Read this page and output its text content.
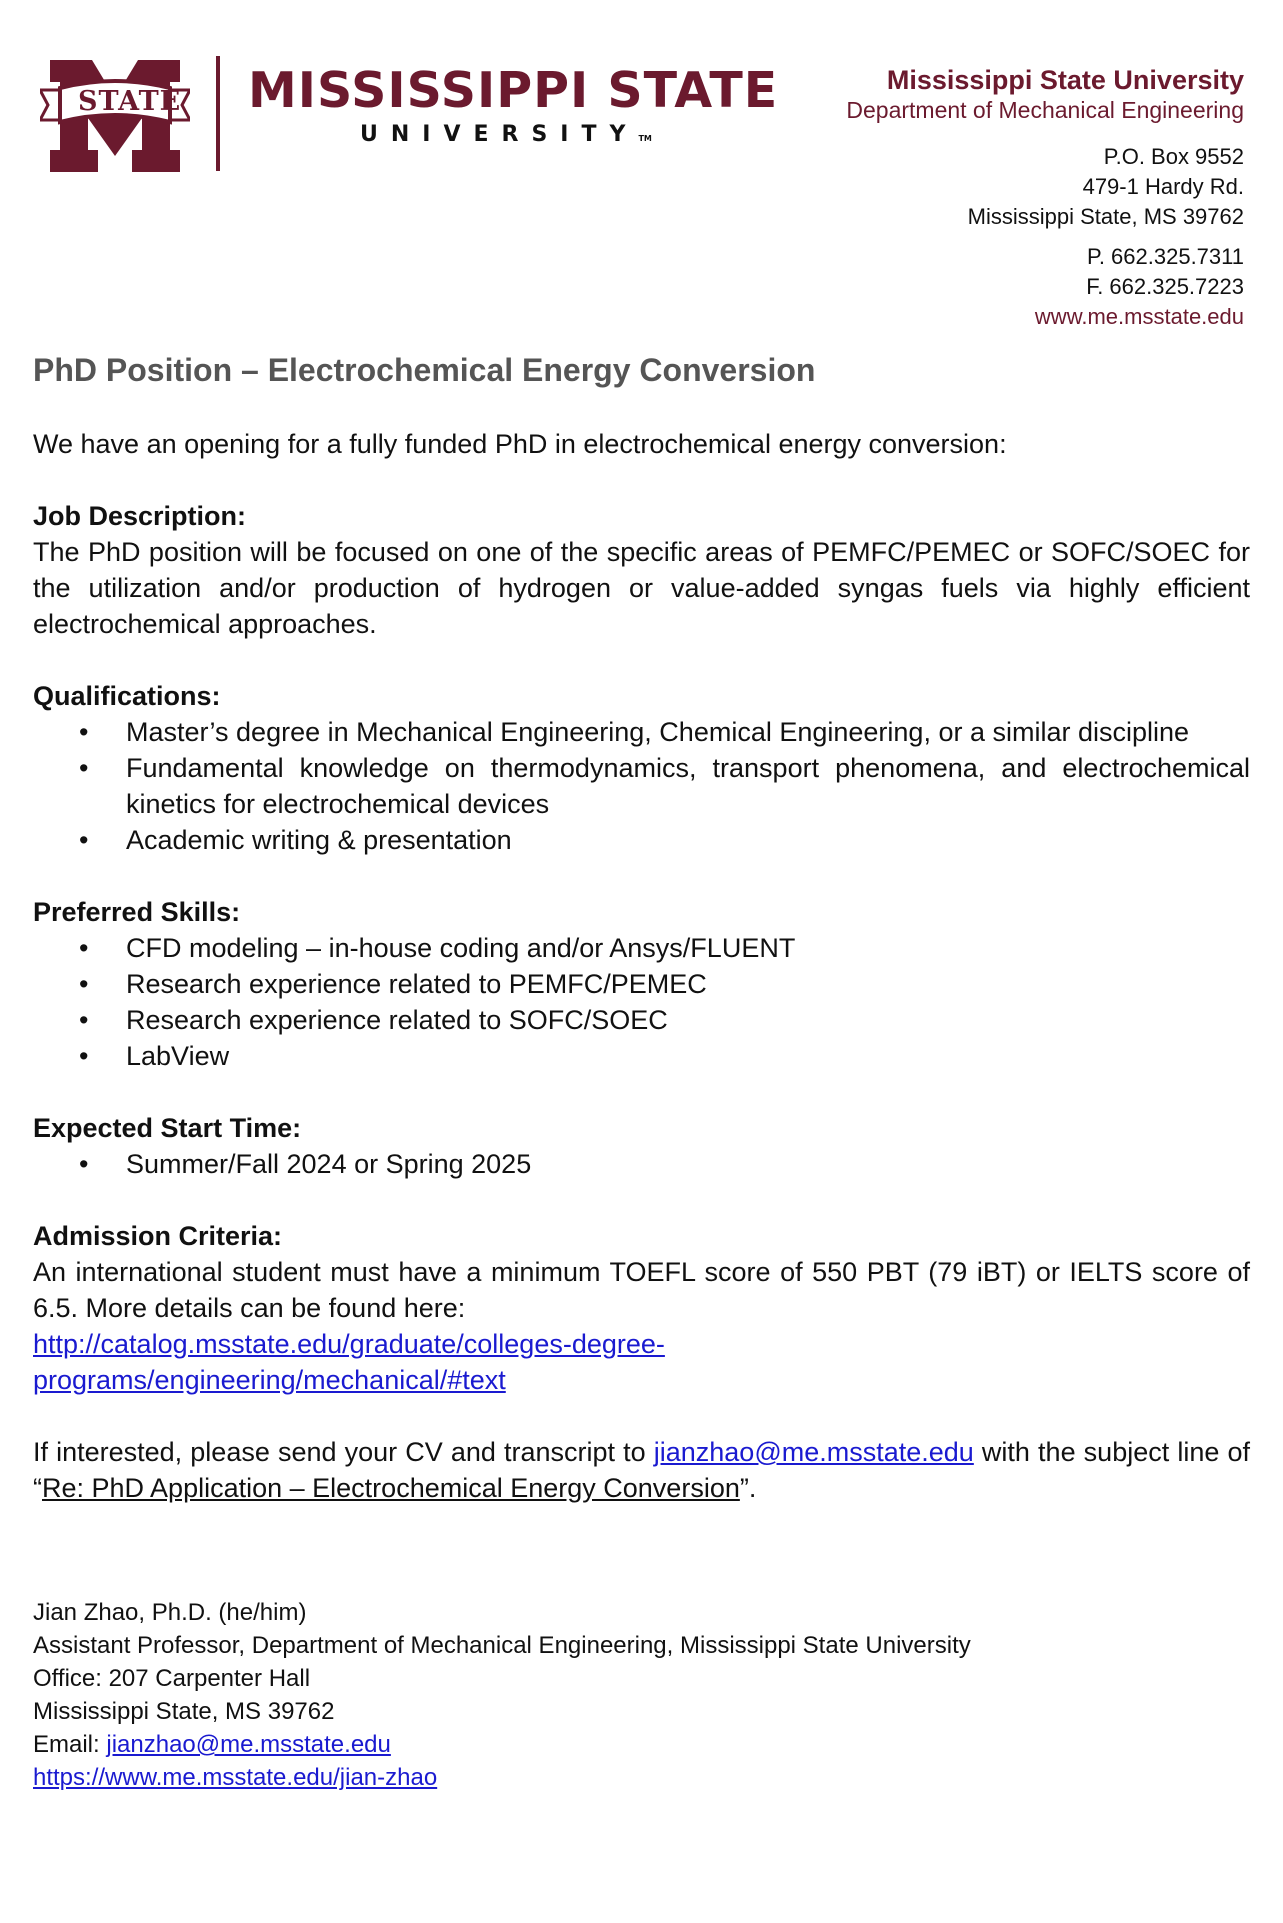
STATE MISSISSIPPI STATE
UNIVERSITYTM
Mississippi State University
Department of Mechanical Engineering
P.O. Box 9552
479-1 Hardy Rd.
Mississippi State, MS 39762
P. 662.325.7311
F. 662.325.7223
www.me.msstate.edu
PhD Position – Electrochemical Energy Conversion

We have an opening for a fully funded PhD in electrochemical energy conversion:

Job Description:

The PhD position will be focused on one of the specific areas of PEMFC/PEMEC or SOFC/SOEC for the utilization and/or production of hydrogen or value-added syngas fuels via highly efficient electrochemical approaches.

Qualifications:

• Master’s degree in Mechanical Engineering, Chemical Engineering, or a similar discipline
• Fundamental knowledge on thermodynamics, transport phenomena, and electrochemical kinetics for electrochemical devices
• Academic writing & presentation

Preferred Skills:

• CFD modeling – in-house coding and/or Ansys/FLUENT
• Research experience related to PEMFC/PEMEC
• Research experience related to SOFC/SOEC
• LabView

Expected Start Time:

• Summer/Fall 2024 or Spring 2025

Admission Criteria:

An international student must have a minimum TOEFL score of 550 PBT (79 iBT) or IELTS score of 6.5. More details can be found here:

http://catalog.msstate.edu/graduate/colleges-degree-
programs/engineering/mechanical/#text

If interested, please send your CV and transcript to jianzhao@me.msstate.edu with the subject line of “Re: PhD Application – Electrochemical Energy Conversion”.

Jian Zhao, Ph.D. (he/him)
Assistant Professor, Department of Mechanical Engineering, Mississippi State University
Office: 207 Carpenter Hall
Mississippi State, MS 39762
Email: jianzhao@me.msstate.edu
https://www.me.msstate.edu/jian-zhao
